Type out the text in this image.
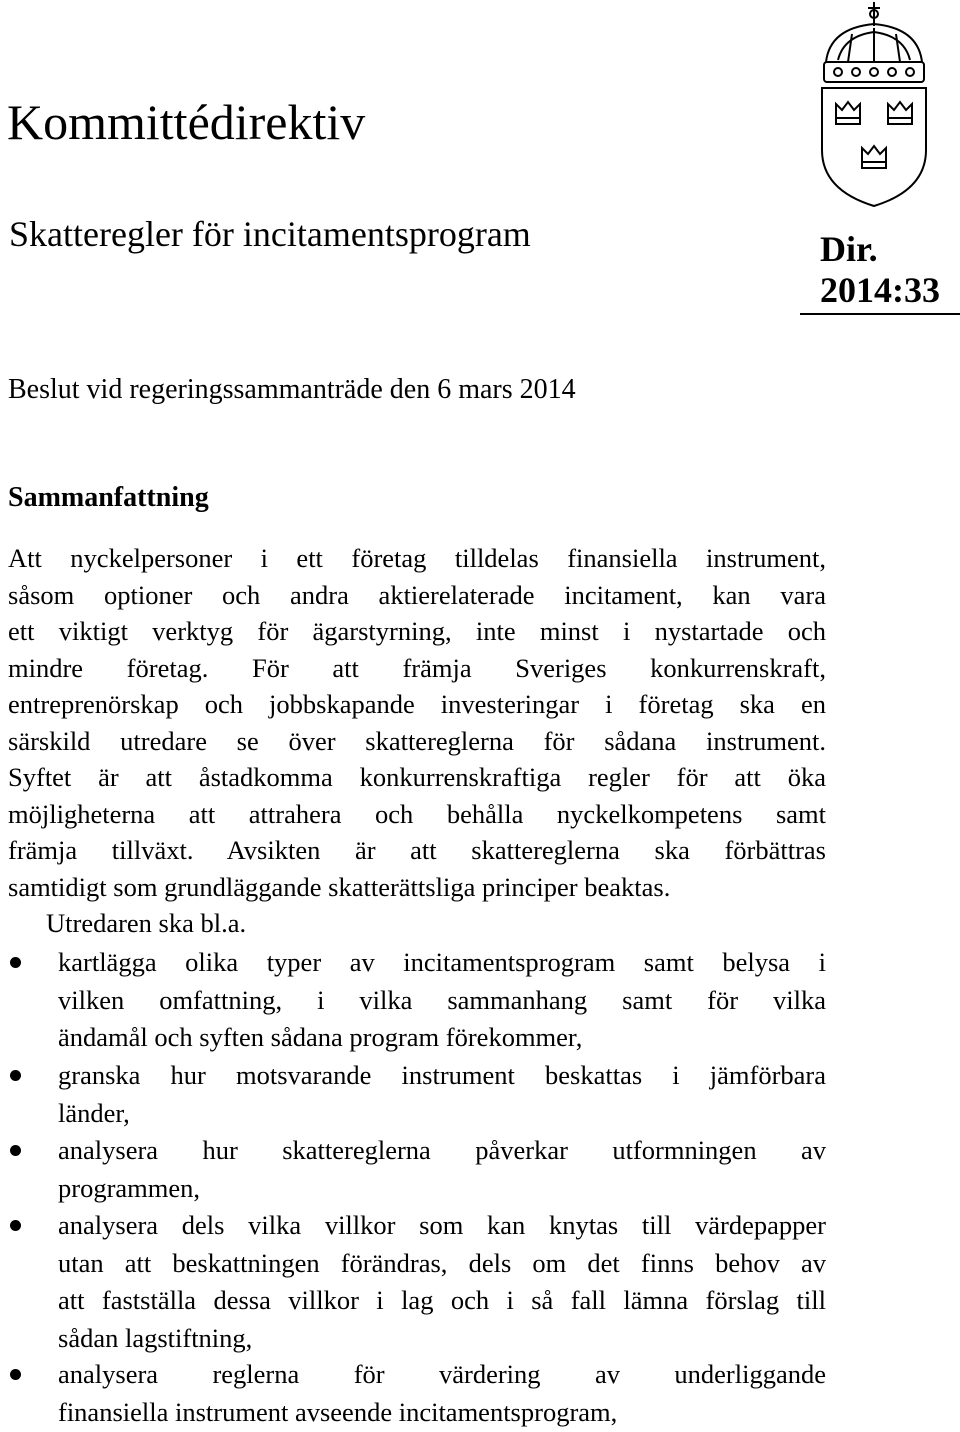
Kommittédirektiv
Skatteregler för incitamentsprogram	Dir.
2014:33
Beslut vid regeringssammanträde den 6 mars 2014
Sammanfattning
Att nyckelpersoner i ett företag tilldelas finansiella instrument,
såsom optioner och andra aktierelaterade incitament, kan vara
ett viktigt verktyg för ägarstyrning, inte minst i nystartade och
mindre företag. För att främja Sveriges konkurrenskraft,
entreprenörskap och jobbskapande investeringar i företag ska en
särskild utredare se över skattereglerna för sådana instrument.
Syftet är att åstadkomma konkurrenskraftiga regler för att öka
möjligheterna att attrahera och behålla nyckelkompetens samt
främja tillväxt. Avsikten är att skattereglerna ska förbättras
samtidigt som grundläggande skatterättsliga principer beaktas.
Utredaren ska bl.a.
kartlägga olika typer av incitamentsprogram samt belysa i
vilken omfattning, i vilka sammanhang samt för vilka
ändamål och syften sådana program förekommer,
granska hur motsvarande instrument beskattas i jämförbara
länder,
analysera hur skattereglerna påverkar utformningen av
programmen,
analysera dels vilka villkor som kan knytas till värdepapper
utan att beskattningen förändras, dels om det finns behov av
att fastställa dessa villkor i lag och i så fall lämna förslag till
sådan lagstiftning,
analysera reglerna för värdering av underliggande
finansiella instrument avseende incitamentsprogram,
